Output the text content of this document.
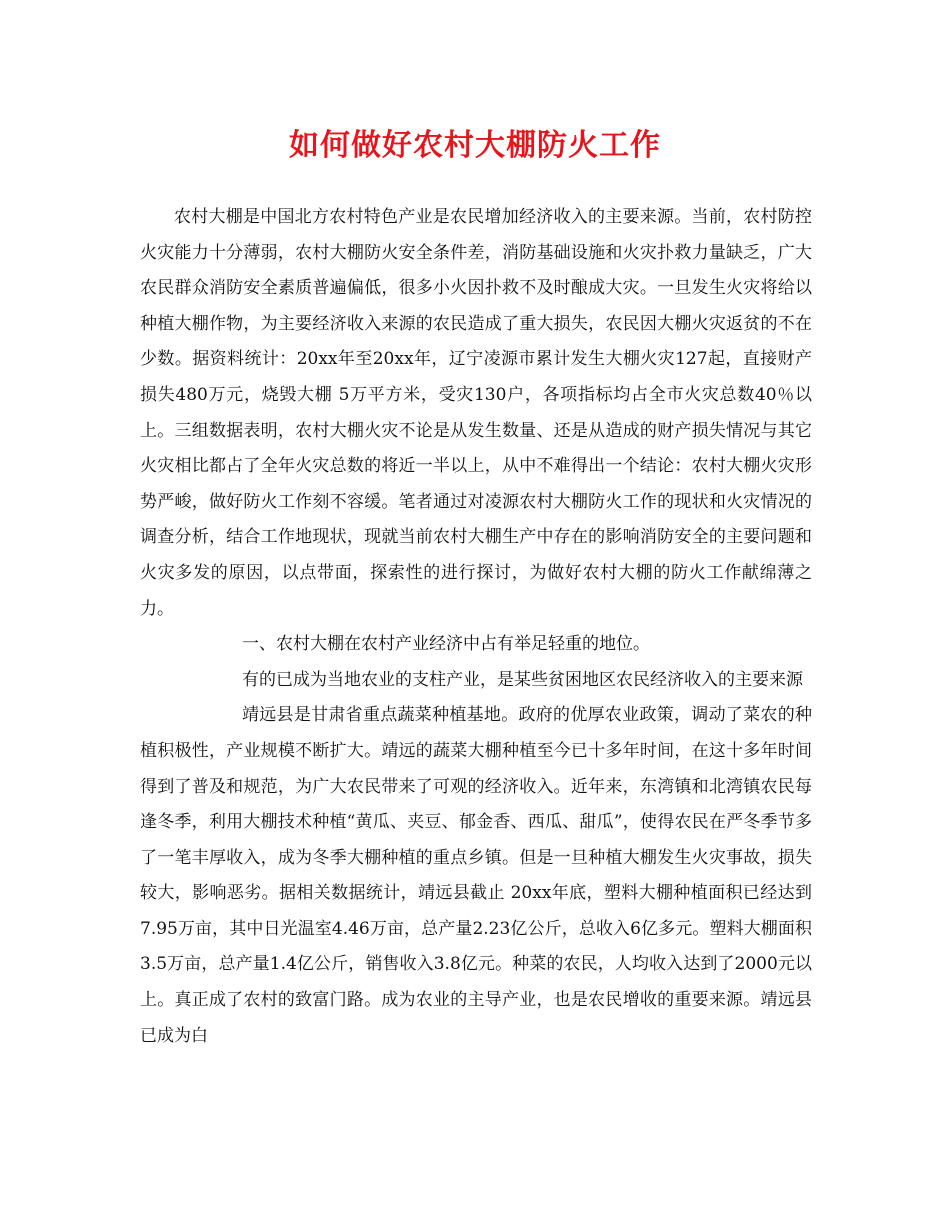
如何做好农村大棚防火工作

农村大棚是中国北方农村特色产业是农民增加经济收入的主要来源。当前，农村防控火灾能力十分薄弱，农村大棚防火安全条件差，消防基础设施和火灾扑救力量缺乏，广大农民群众消防安全素质普遍偏低，很多小火因扑救不及时酿成大灾。一旦发生火灾将给以种植大棚作物，为主要经济收入来源的农民造成了重大损失，农民因大棚火灾返贫的不在少数。据资料统计：20xx年至20xx年，辽宁凌源市累计发生大棚火灾127起，直接财产损失480万元，烧毁大棚 5万平方米，受灾130户，各项指标均占全市火灾总数40％以上。三组数据表明，农村大棚火灾不论是从发生数量、还是从造成的财产损失情况与其它火灾相比都占了全年火灾总数的将近一半以上，从中不难得出一个结论：农村大棚火灾形势严峻，做好防火工作刻不容缓。笔者通过对凌源农村大棚防火工作的现状和火灾情况的调查分析，结合工作地现状，现就当前农村大棚生产中存在的影响消防安全的主要问题和火灾多发的原因，以点带面，探索性的进行探讨，为做好农村大棚的防火工作献绵薄之力。

一、农村大棚在农村产业经济中占有举足轻重的地位。

有的已成为当地农业的支柱产业，是某些贫困地区农民经济收入的主要来源

靖远县是甘肃省重点蔬菜种植基地。政府的优厚农业政策，调动了菜农的种植积极性，产业规模不断扩大。靖远的蔬菜大棚种植至今已十多年时间，在这十多年时间得到了普及和规范，为广大农民带来了可观的经济收入。近年来，东湾镇和北湾镇农民每逢冬季，利用大棚技术种植“黄瓜、夹豆、郁金香、西瓜、甜瓜”，使得农民在严冬季节多了一笔丰厚收入，成为冬季大棚种植的重点乡镇。但是一旦种植大棚发生火灾事故，损失较大，影响恶劣。据相关数据统计，靖远县截止 20xx年底，塑料大棚种植面积已经达到7.95万亩，其中日光温室4.46万亩，总产量2.23亿公斤，总收入6亿多元。塑料大棚面积3.5万亩，总产量1.4亿公斤，销售收入3.8亿元。种菜的农民，人均收入达到了2000元以上。真正成了农村的致富门路。成为农业的主导产业，也是农民增收的重要来源。靖远县已成为白
